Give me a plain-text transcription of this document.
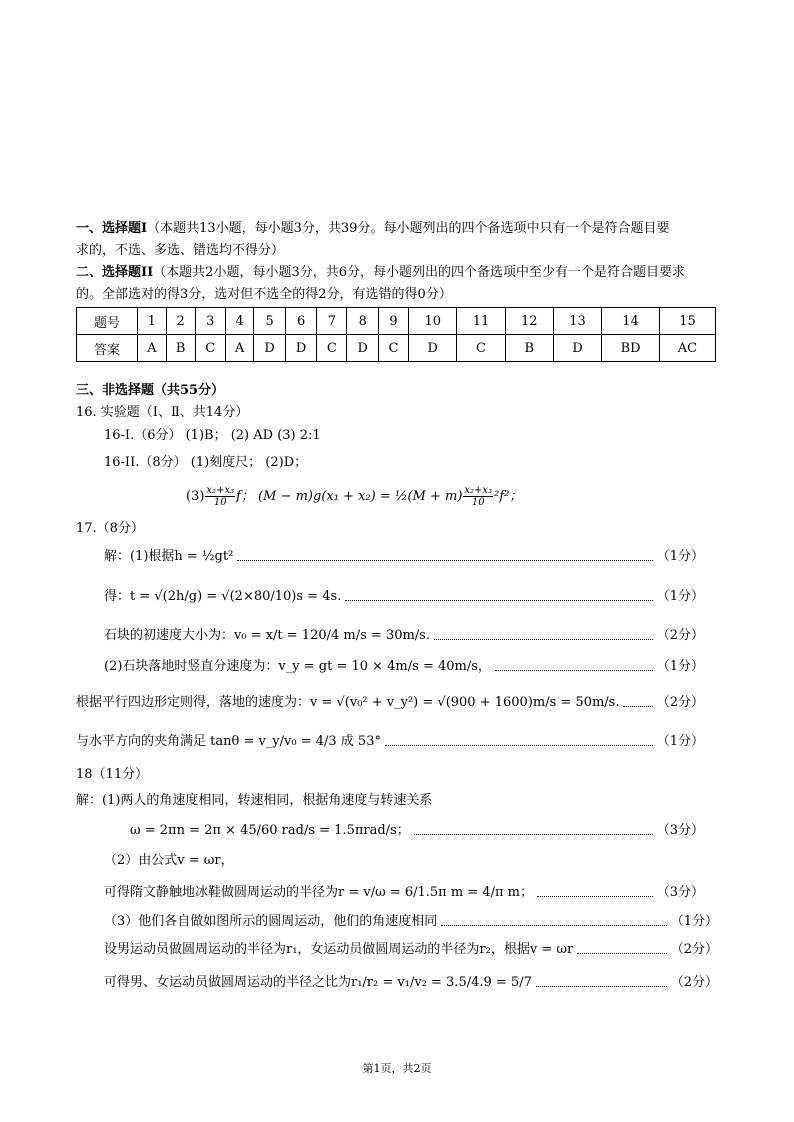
一、选择题I（本题共13小题，每小题3分，共39分。每小题列出的四个备选项中只有一个是符合题目要
求的，不选、多选、错选均不得分）
二、选择题II（本题共2小题，每小题3分，共6分，每小题列出的四个备选项中至少有一个是符合题目要求
的。全部选对的得3分，选对但不选全的得2分，有选错的得0分）
题号	1	2	3	4	5	6	7	8	9	10	11	12	13	14	15
答案	A	B	C	A	D	D	C	D	C	D	C	B	D	BD	AC
三、非选择题（共55分）
16. 实验题（Ⅰ、Ⅱ、共14分）
16-I.（6分） (1)B； (2) AD (3) 2:1
16-II.（8分） (1)刻度尺； (2)D；
$(3) \frac{\text{x₂+x₃}}{10}$ f； (M − m)g(x₁ + x₂) = ½(M + $m) \frac{\text{x₂+x₃}}{10} ^2f^2$；
17.（8分）
解：(1)根据h = ½gt²	（1分）
得：t = √(2h/g) = √(2×80/10)s = 4s.	（1分）
石块的初速度大小为：v₀ = x/t = 120/4 m/s = 30m/s.	（2分）
(2)石块落地时竖直分速度为：v_y = gt = 10 × 4m/s = 40m/s，	（1分）
根据平行四边形定则得，落地的速度为：v = √(v₀² + v_y²) = √(900 + 1600)m/s = 50m/s.	（2分）
与水平方向的夹角满足 tanθ = v_y/v₀ = 4/3 成 53°	（1分）
18（11分）
解：(1)两人的角速度相同，转速相同，根据角速度与转速关系
ω = 2πn = 2π × 45/60 rad/s = 1.5πrad/s；	（3分）
（2）由公式v = ωr，
可得隋文静触地冰鞋做圆周运动的半径为r = v/ω = 6/1.5π m = 4/π m；	（3分）
（3）他们各自做如图所示的圆周运动，他们的角速度相同	（1分）
设男运动员做圆周运动的半径为r₁，女运动员做圆周运动的半径为r₂，根据v = ωr	（2分）
可得男、女运动员做圆周运动的半径之比为r₁/r₂ = v₁/v₂ = 3.5/4.9 = 5/7	（2分）
第1页，共2页
